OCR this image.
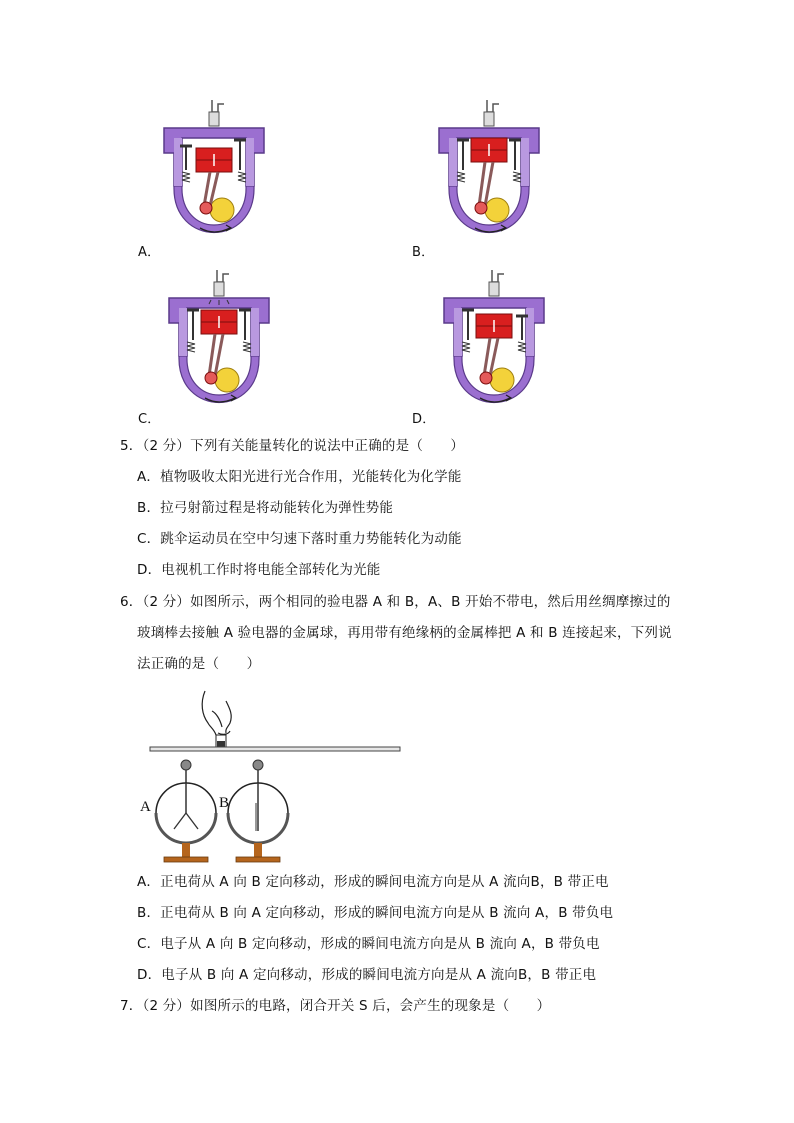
A．	B．
C．	D．
5．（2 分）下列有关能量转化的说法中正确的是（　　）
A．植物吸收太阳光进行光合作用，光能转化为化学能
B．拉弓射箭过程是将动能转化为弹性势能
C．跳伞运动员在空中匀速下落时重力势能转化为动能
D．电视机工作时将电能全部转化为光能
6．（2 分）如图所示，两个相同的验电器 A 和 B，A、B 开始不带电，然后用丝绸摩擦过的
玻璃棒去接触 A 验电器的金属球，再用带有绝缘柄的金属棒把 A 和 B 连接起来，下列说
法正确的是（　　）
A	B
A．正电荷从 A 向 B 定向移动，形成的瞬间电流方向是从 A 流向B，B 带正电
B．正电荷从 B 向 A 定向移动，形成的瞬间电流方向是从 B 流向 A，B 带负电
C．电子从 A 向 B 定向移动，形成的瞬间电流方向是从 B 流向 A，B 带负电
D．电子从 B 向 A 定向移动，形成的瞬间电流方向是从 A 流向B，B 带正电
7．（2 分）如图所示的电路，闭合开关 S 后，会产生的现象是（　　）
